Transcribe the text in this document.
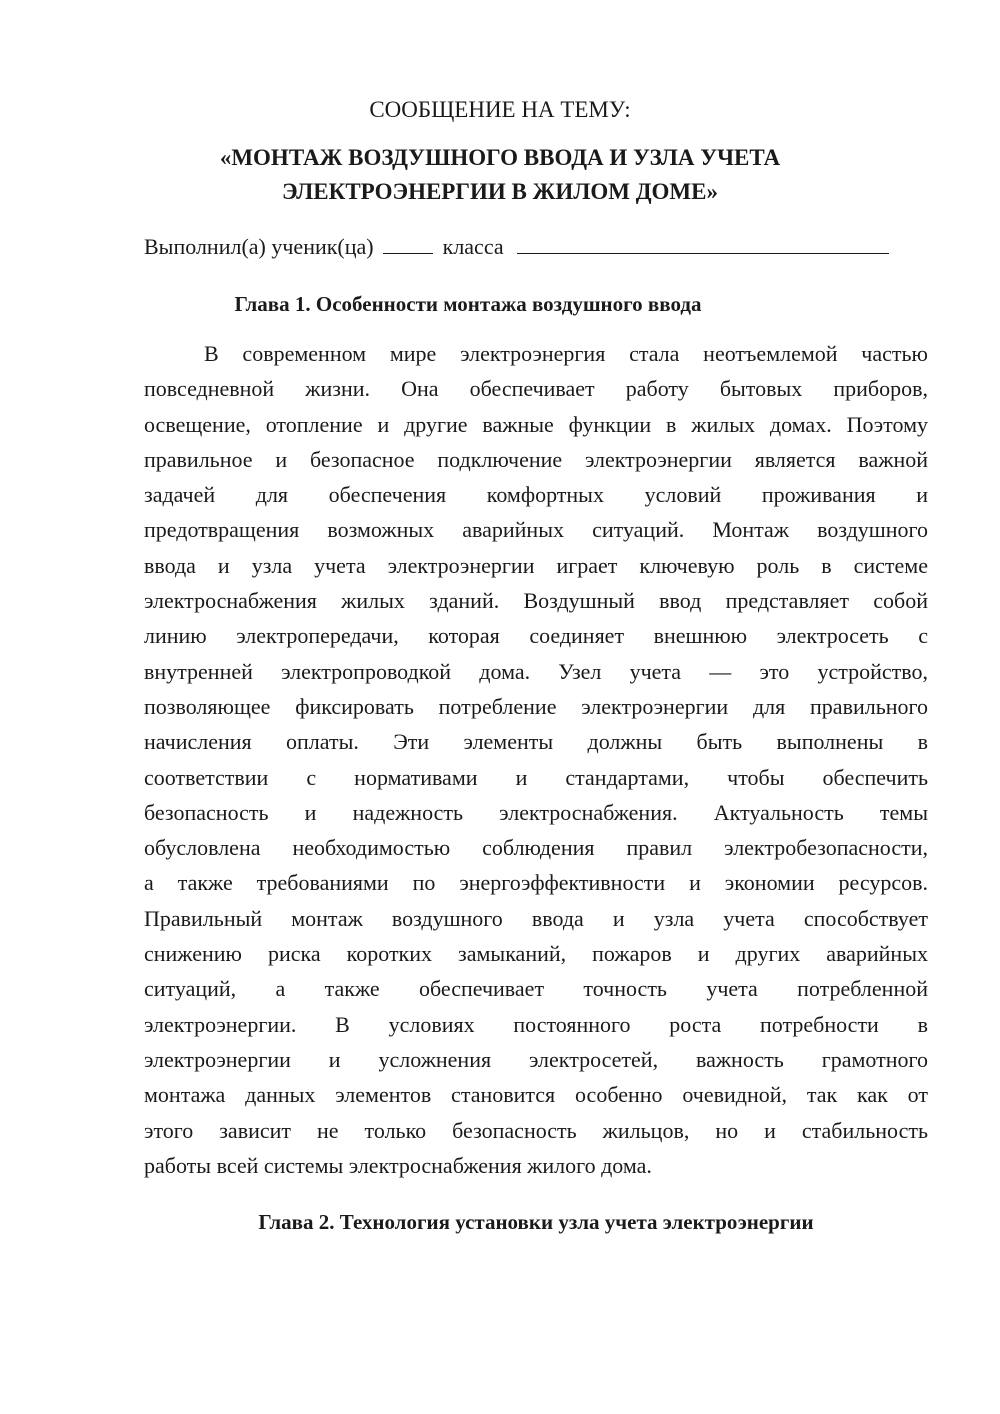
СООБЩЕНИЕ НА ТЕМУ:
«МОНТАЖ ВОЗДУШНОГО ВВОДА И УЗЛА УЧЕТА
ЭЛЕКТРОЭНЕРГИИ В ЖИЛОМ ДОМЕ»
Выполнил(а) ученик(ца)	класса
Глава 1. Особенности монтажа воздушного ввода
В современном мире электроэнергия стала неотъемлемой частью
повседневной жизни. Она обеспечивает работу бытовых приборов,
освещение, отопление и другие важные функции в жилых домах. Поэтому
правильное и безопасное подключение электроэнергии является важной
задачей для обеспечения комфортных условий проживания и
предотвращения возможных аварийных ситуаций. Монтаж воздушного
ввода и узла учета электроэнергии играет ключевую роль в системе
электроснабжения жилых зданий. Воздушный ввод представляет собой
линию электропередачи, которая соединяет внешнюю электросеть с
внутренней электропроводкой дома. Узел учета — это устройство,
позволяющее фиксировать потребление электроэнергии для правильного
начисления оплаты. Эти элементы должны быть выполнены в
соответствии с нормативами и стандартами, чтобы обеспечить
безопасность и надежность электроснабжения. Актуальность темы
обусловлена необходимостью соблюдения правил электробезопасности,
а также требованиями по энергоэффективности и экономии ресурсов.
Правильный монтаж воздушного ввода и узла учета способствует
снижению риска коротких замыканий, пожаров и других аварийных
ситуаций, а также обеспечивает точность учета потребленной
электроэнергии. В условиях постоянного роста потребности в
электроэнергии и усложнения электросетей, важность грамотного
монтажа данных элементов становится особенно очевидной, так как от
этого зависит не только безопасность жильцов, но и стабильность
работы всей системы электроснабжения жилого дома.
Глава 2. Технология установки узла учета электроэнергии
